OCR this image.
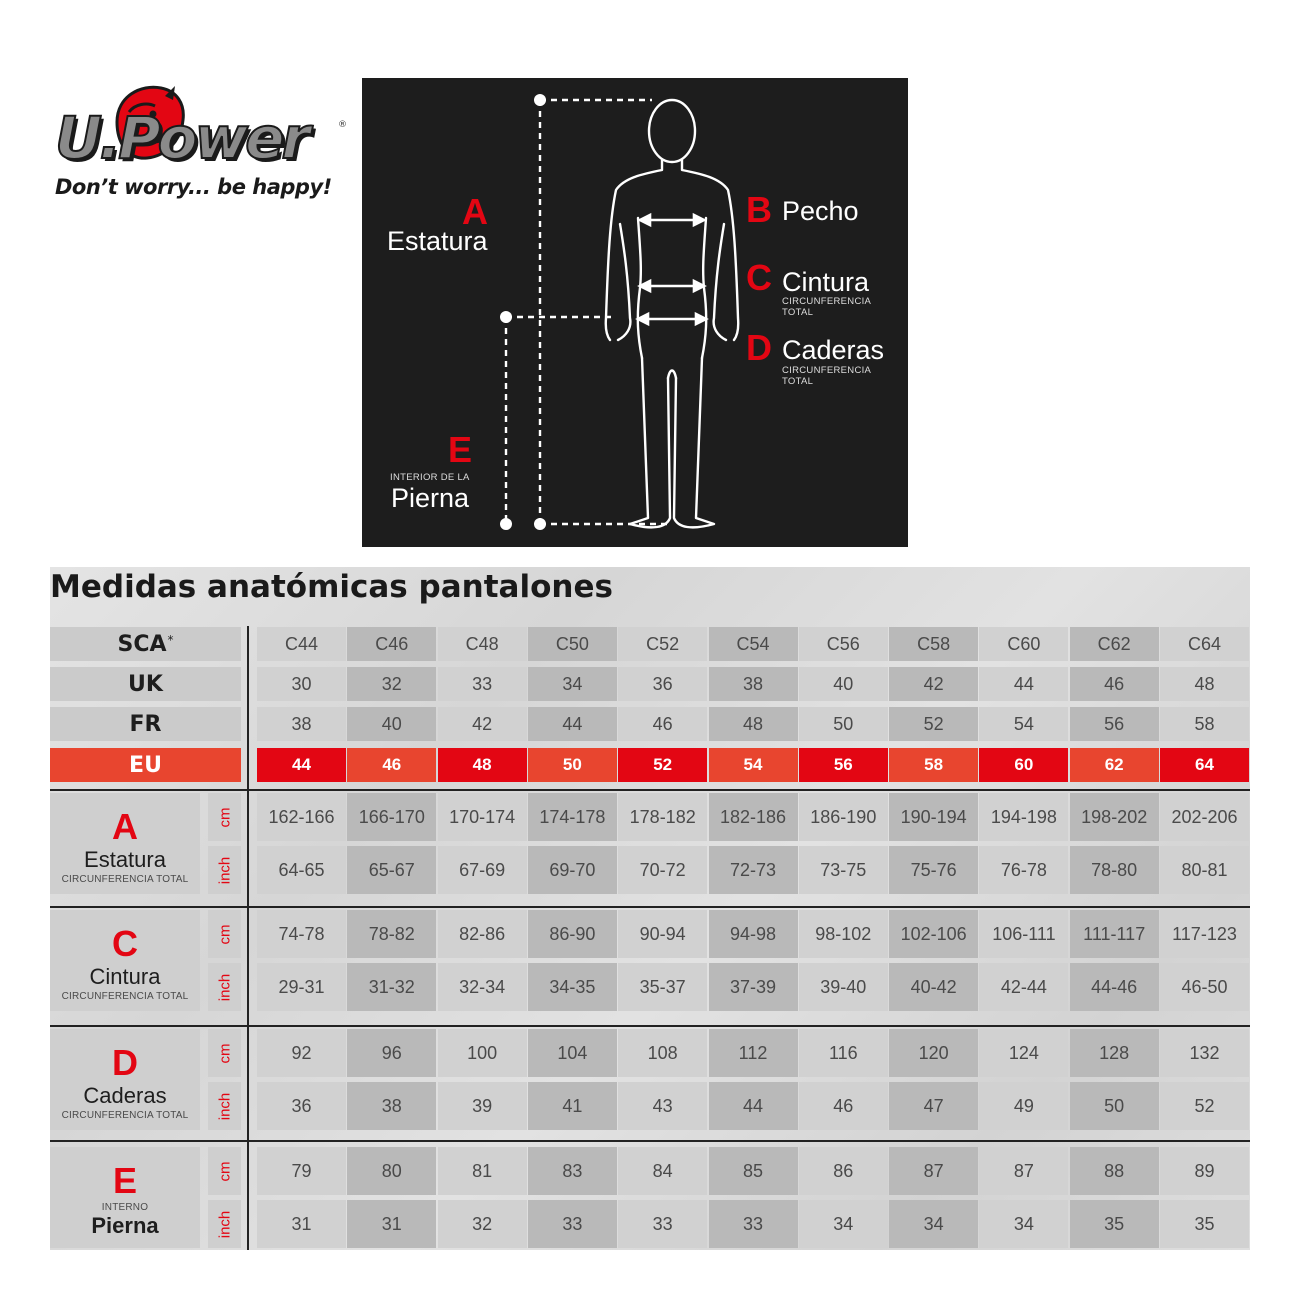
U.Power	®
Don’t worry... be happy!
A
Estatura
B Pecho
C Cintura
CIRCUNFERENCIA
TOTAL
D Caderas
CIRCUNFERENCIA
TOTAL
E
INTERIOR DE LA
Pierna
Medidas anatómicas pantalones
SCA*	C44	C46	C48	C50	C52	C54	C56	C58	C60	C62	C64
UK	30	32	33	34	36	38	40	42	44	46	48
FR	38	40	42	44	46	48	50	52	54	56	58
EU	44	46	48	50	52	54	56	58	60	62	64
A
Estatura
CIRCUNFERENCIA TOTAL
cm	162-166	166-170	170-174	174-178	178-182	182-186	186-190	190-194	194-198	198-202	202-206
inch	64-65	65-67	67-69	69-70	70-72	72-73	73-75	75-76	76-78	78-80	80-81
C
Cintura
CIRCUNFERENCIA TOTAL
cm	74-78	78-82	82-86	86-90	90-94	94-98	98-102	102-106	106-111	111-117	117-123
inch	29-31	31-32	32-34	34-35	35-37	37-39	39-40	40-42	42-44	44-46	46-50
D
Caderas
CIRCUNFERENCIA TOTAL
cm	92	96	100	104	108	112	116	120	124	128	132
inch	36	38	39	41	43	44	46	47	49	50	52
E
INTERNO
Pierna
cm	79	80	81	83	84	85	86	87	87	88	89
inch	31	31	32	33	33	33	34	34	34	35	35
